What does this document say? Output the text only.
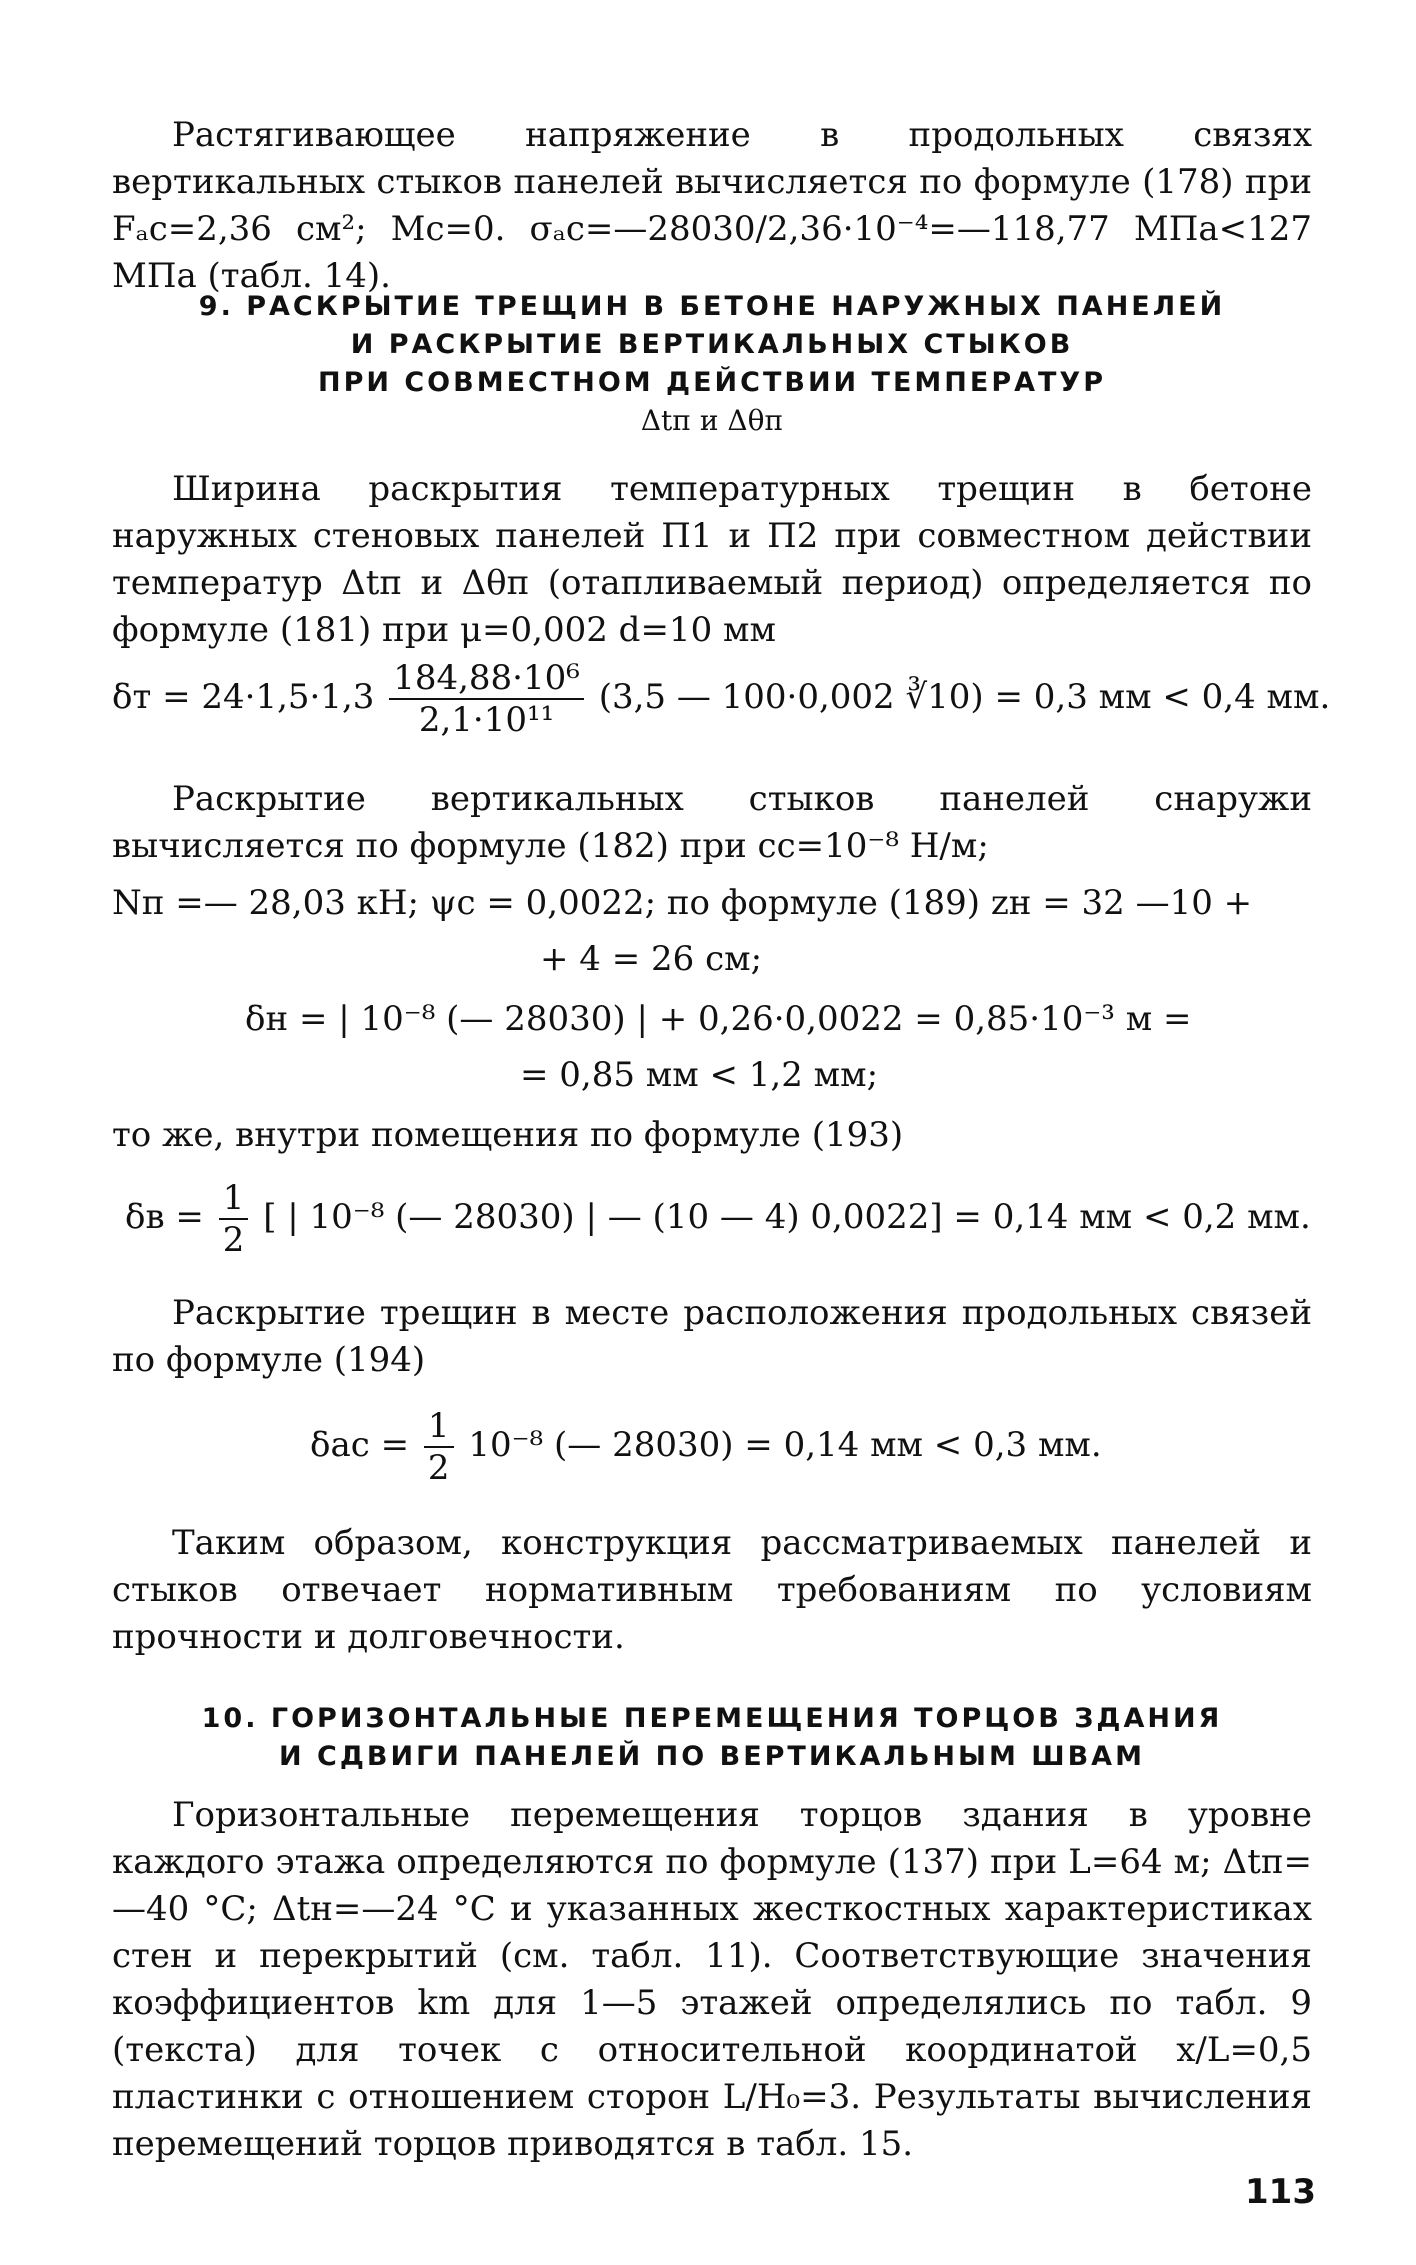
Растягивающее напряжение в продольных связях вертикальных стыков панелей вычисляется по формуле (178) при Fₐс=2,36 см²; Mс=0. σₐс=—28030/2,36·10⁻⁴=—118,77 МПа<127 МПа (табл. 14).
9. РАСКРЫТИЕ ТРЕЩИН В БЕТОНЕ НАРУЖНЫХ ПАНЕЛЕЙ
И РАСКРЫТИЕ ВЕРТИКАЛЬНЫХ СТЫКОВ
ПРИ СОВМЕСТНОМ ДЕЙСТВИИ ТЕМПЕРАТУР
Δtп и Δθп
Ширина раскрытия температурных трещин в бетоне наружных стеновых панелей П1 и П2 при совместном действии температур Δtп и Δθп (отапливаемый период) определяется по формуле (181) при μ=0,002 d=10 мм
$\delta т = 24\cdot 1,5\cdot 1,3 \frac{\text{184,88·10⁶}}{\text{2,1·10¹¹}} (3,5$ — 100·0,002 ∛10) = 0,3 мм < 0,4 мм.
Раскрытие вертикальных стыков панелей снаружи вычисляется по формуле (182) при cс=10⁻⁸ Н/м;
Nп =— 28,03 кН; ψс = 0,0022; по формуле (189) zн = 32 —10 +
+ 4 = 26 см;
δн = | 10⁻⁸ (— 28030) | + 0,26·0,0022 = 0,85·10⁻³ м =
= 0,85 мм < 1,2 мм;
то же, внутри помещения по формуле (193)
$\delta в = \frac{1}{2}$ [ | 10⁻⁸ (— 28030) | — (10 — 4) 0,0022] = 0,14 мм < 0,2 мм.
Раскрытие трещин в месте расположения продольных связей по формуле (194)
$\delta ас = \frac{1}{2} 10^{-8}$ (— 28030) = 0,14 мм < 0,3 мм.
Таким образом, конструкция рассматриваемых панелей и стыков отвечает нормативным требованиям по условиям прочности и долговечности.
10. ГОРИЗОНТАЛЬНЫЕ ПЕРЕМЕЩЕНИЯ ТОРЦОВ ЗДАНИЯ
И СДВИГИ ПАНЕЛЕЙ ПО ВЕРТИКАЛЬНЫМ ШВАМ
Горизонтальные перемещения торцов здания в уровне каждого этажа определяются по формуле (137) при L=64 м; Δtп=—40 °С; Δtн=—24 °С и указанных жесткостных характеристиках стен и перекрытий (см. табл. 11). Соответствующие значения коэффициентов km для 1—5 этажей определялись по табл. 9 (текста) для точек с относительной координатой x/L=0,5 пластинки с отношением сторон L/H₀=3. Результаты вычисления перемещений торцов приводятся в табл. 15.
113
